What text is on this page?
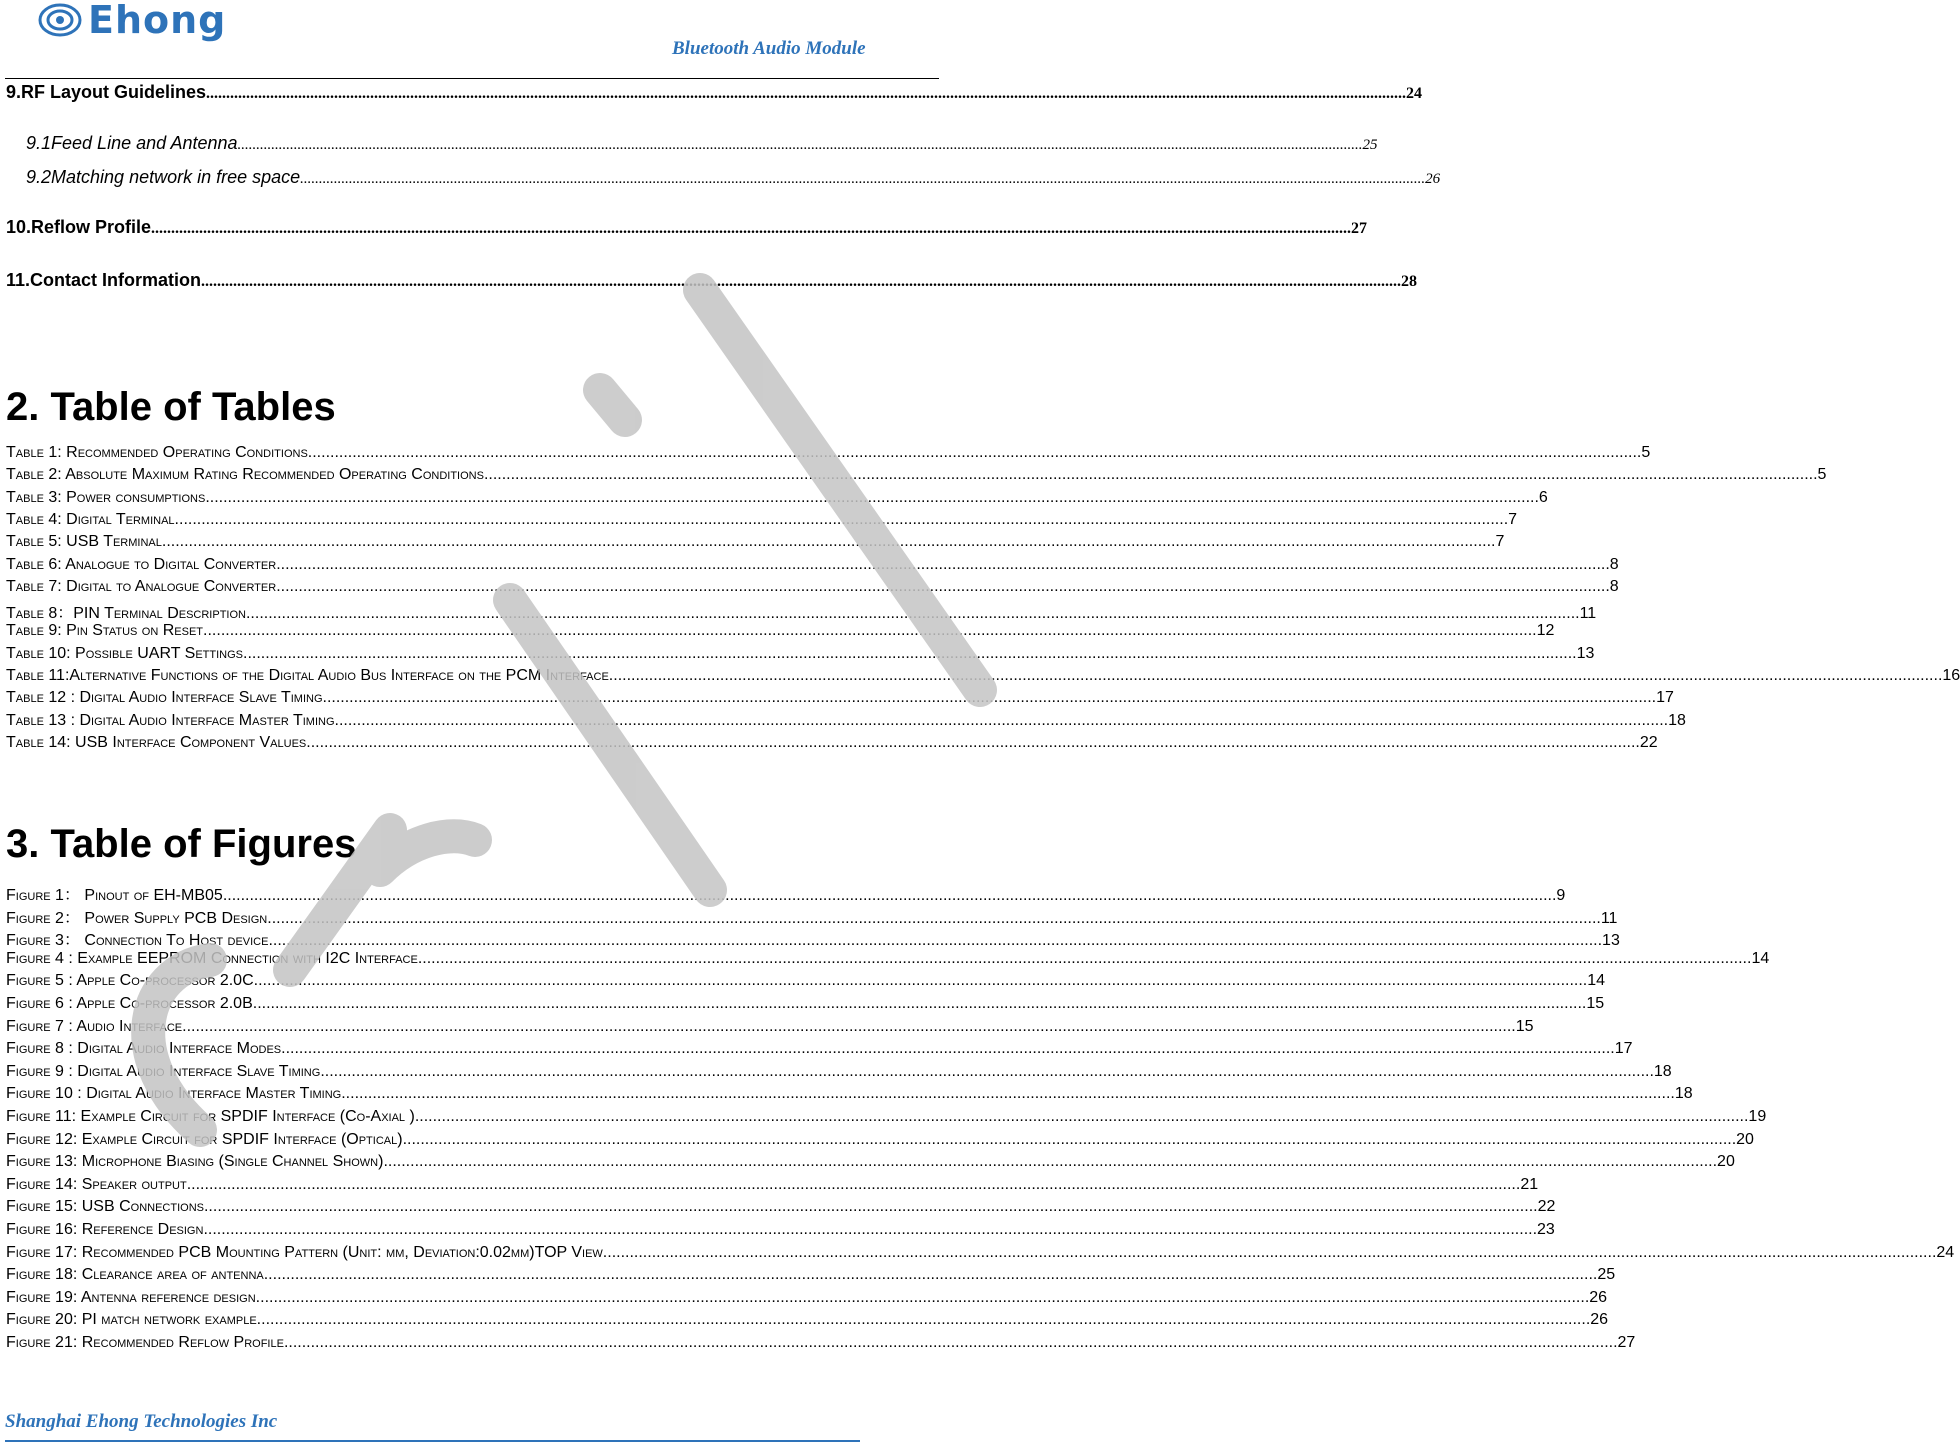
Ehong
Bluetooth Audio Module
9. RF Layout Guidelines ............................................................................................................................................................................................................................................................................................................ 24
9.1 Feed Line and Antenna ............................................................................................................................................................................................................................................................................................................ 25
9.2 Matching network in free space ............................................................................................................................................................................................................................................................................................................ 26
10. Reflow Profile ............................................................................................................................................................................................................................................................................................................ 27
11. Contact Information ............................................................................................................................................................................................................................................................................................................ 28
2. Table of Tables
Table 1: Recommended Operating Conditions ............................................................................................................................................................................................................................................................................................................ 5
Table 2: Absolute Maximum Rating Recommended Operating Conditions ............................................................................................................................................................................................................................................................................................................ 5
Table 3: Power consumptions ............................................................................................................................................................................................................................................................................................................ 6
Table 4: Digital Terminal ............................................................................................................................................................................................................................................................................................................ 7
Table 5: USB Terminal ............................................................................................................................................................................................................................................................................................................ 7
Table 6: Analogue to Digital Converter ............................................................................................................................................................................................................................................................................................................ 8
Table 7: Digital to Analogue Converter ............................................................................................................................................................................................................................................................................................................ 8
Table 8：PIN Terminal Description ............................................................................................................................................................................................................................................................................................................ 11
Table 9: Pin Status on Reset ............................................................................................................................................................................................................................................................................................................ 12
Table 10: Possible UART Settings ............................................................................................................................................................................................................................................................................................................ 13
Table 11:Alternative Functions of the Digital Audio Bus Interface on the PCM Interface ............................................................................................................................................................................................................................................................................................................ 16
Table 12 : Digital Audio Interface Slave Timing ............................................................................................................................................................................................................................................................................................................ 17
Table 13 : Digital Audio Interface Master Timing ............................................................................................................................................................................................................................................................................................................ 18
Table 14: USB Interface Component Values ............................................................................................................................................................................................................................................................................................................ 22
3. Table of Figures
Figure 1： Pinout of EH-MB05 ............................................................................................................................................................................................................................................................................................................ 9
Figure 2： Power Supply PCB Design ............................................................................................................................................................................................................................................................................................................ 11
Figure 3： Connection To Host device ............................................................................................................................................................................................................................................................................................................ 13
Figure 4 : Example EEPROM Connection with I2C Interface ............................................................................................................................................................................................................................................................................................................ 14
Figure 5 : Apple Co-processor 2.0C ............................................................................................................................................................................................................................................................................................................ 14
Figure 6 : Apple Co-processor 2.0B ............................................................................................................................................................................................................................................................................................................ 15
Figure 7 : Audio Interface ............................................................................................................................................................................................................................................................................................................ 15
Figure 8 : Digital Audio Interface Modes ............................................................................................................................................................................................................................................................................................................ 17
Figure 9 : Digital Audio Interface Slave Timing ............................................................................................................................................................................................................................................................................................................ 18
Figure 10 : Digital Audio Interface Master Timing ............................................................................................................................................................................................................................................................................................................ 18
Figure 11: Example Circuit for SPDIF Interface (Co-Axial ) ............................................................................................................................................................................................................................................................................................................ 19
Figure 12: Example Circuit for SPDIF Interface (Optical) ............................................................................................................................................................................................................................................................................................................ 20
Figure 13: Microphone Biasing (Single Channel Shown) ............................................................................................................................................................................................................................................................................................................ 20
Figure 14: Speaker output ............................................................................................................................................................................................................................................................................................................ 21
Figure 15: USB Connections ............................................................................................................................................................................................................................................................................................................ 22
Figure 16: Reference Design ............................................................................................................................................................................................................................................................................................................ 23
Figure 17: Recommended PCB Mounting Pattern (Unit: mm, Deviation:0.02mm)TOP View ............................................................................................................................................................................................................................................................................................................ 24
Figure 18: Clearance area of antenna ............................................................................................................................................................................................................................................................................................................ 25
Figure 19: Antenna reference design ............................................................................................................................................................................................................................................................................................................ 26
Figure 20: PI match network example ............................................................................................................................................................................................................................................................................................................ 26
Figure 21: Recommended Reflow Profile ............................................................................................................................................................................................................................................................................................................ 27
Shanghai Ehong Technologies Inc
